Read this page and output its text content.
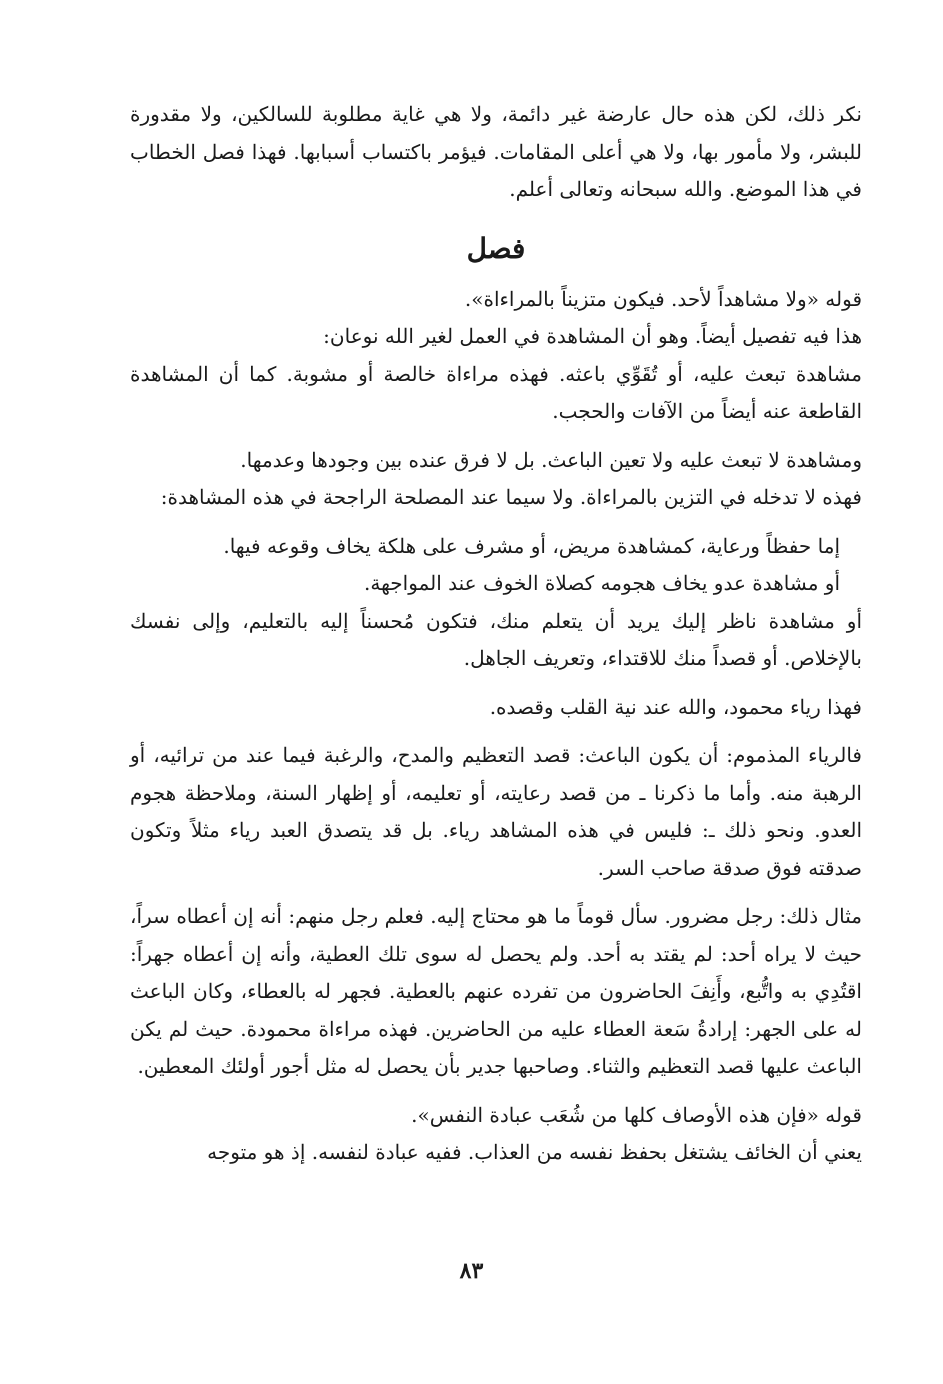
نكر ذلك، لكن هذه حال عارضة غير دائمة، ولا هي غاية مطلوبة للسالكين، ولا مقدورة للبشر، ولا مأمور بها، ولا هي أعلى المقامات. فيؤمر باكتساب أسبابها. فهذا فصل الخطاب في هذا الموضع. والله سبحانه وتعالى أعلم.

فصل

قوله «ولا مشاهداً لأحد. فيكون متزيناً بالمراءاة».

هذا فيه تفصيل أيضاً. وهو أن المشاهدة في العمل لغير الله نوعان:

مشاهدة تبعث عليه، أو تُقَوِّي باعثه. فهذه مراءاة خالصة أو مشوبة. كما أن المشاهدة القاطعة عنه أيضاً من الآفات والحجب.

ومشاهدة لا تبعث عليه ولا تعين الباعث. بل لا فرق عنده بين وجودها وعدمها.

فهذه لا تدخله في التزين بالمراءاة. ولا سيما عند المصلحة الراجحة في هذه المشاهدة:

إما حفظاً ورعاية، كمشاهدة مريض، أو مشرف على هلكة يخاف وقوعه فيها.

أو مشاهدة عدو يخاف هجومه كصلاة الخوف عند المواجهة.

أو مشاهدة ناظر إليك يريد أن يتعلم منك، فتكون مُحسناً إليه بالتعليم، وإلى نفسك بالإخلاص. أو قصداً منك للاقتداء، وتعريف الجاهل.

فهذا رياء محمود، والله عند نية القلب وقصده.

فالرياء المذموم: أن يكون الباعث: قصد التعظيم والمدح، والرغبة فيما عند من ترائيه، أو الرهبة منه. وأما ما ذكرنا ـ من قصد رعايته، أو تعليمه، أو إظهار السنة، وملاحظة هجوم العدو. ونحو ذلك ـ: فليس في هذه المشاهد رياء. بل قد يتصدق العبد رياء مثلاً وتكون صدقته فوق صدقة صاحب السر.

مثال ذلك: رجل مضرور. سأل قوماً ما هو محتاج إليه. فعلم رجل منهم: أنه إن أعطاه سراً، حيث لا يراه أحد: لم يقتد به أحد. ولم يحصل له سوى تلك العطية، وأنه إن أعطاه جهراً: اقتُدِي به واتُّبع، وأَنِفَ الحاضرون من تفرده عنهم بالعطية. فجهر له بالعطاء، وكان الباعث له على الجهر: إرادةُ سَعة العطاء عليه من الحاضرين. فهذه مراءاة محمودة. حيث لم يكن الباعث عليها قصد التعظيم والثناء. وصاحبها جدير بأن يحصل له مثل أجور أولئك المعطين.

قوله «فإن هذه الأوصاف كلها من شُعَب عبادة النفس».

يعني أن الخائف يشتغل بحفظ نفسه من العذاب. ففيه عبادة لنفسه. إذ هو متوجه

٨٣
